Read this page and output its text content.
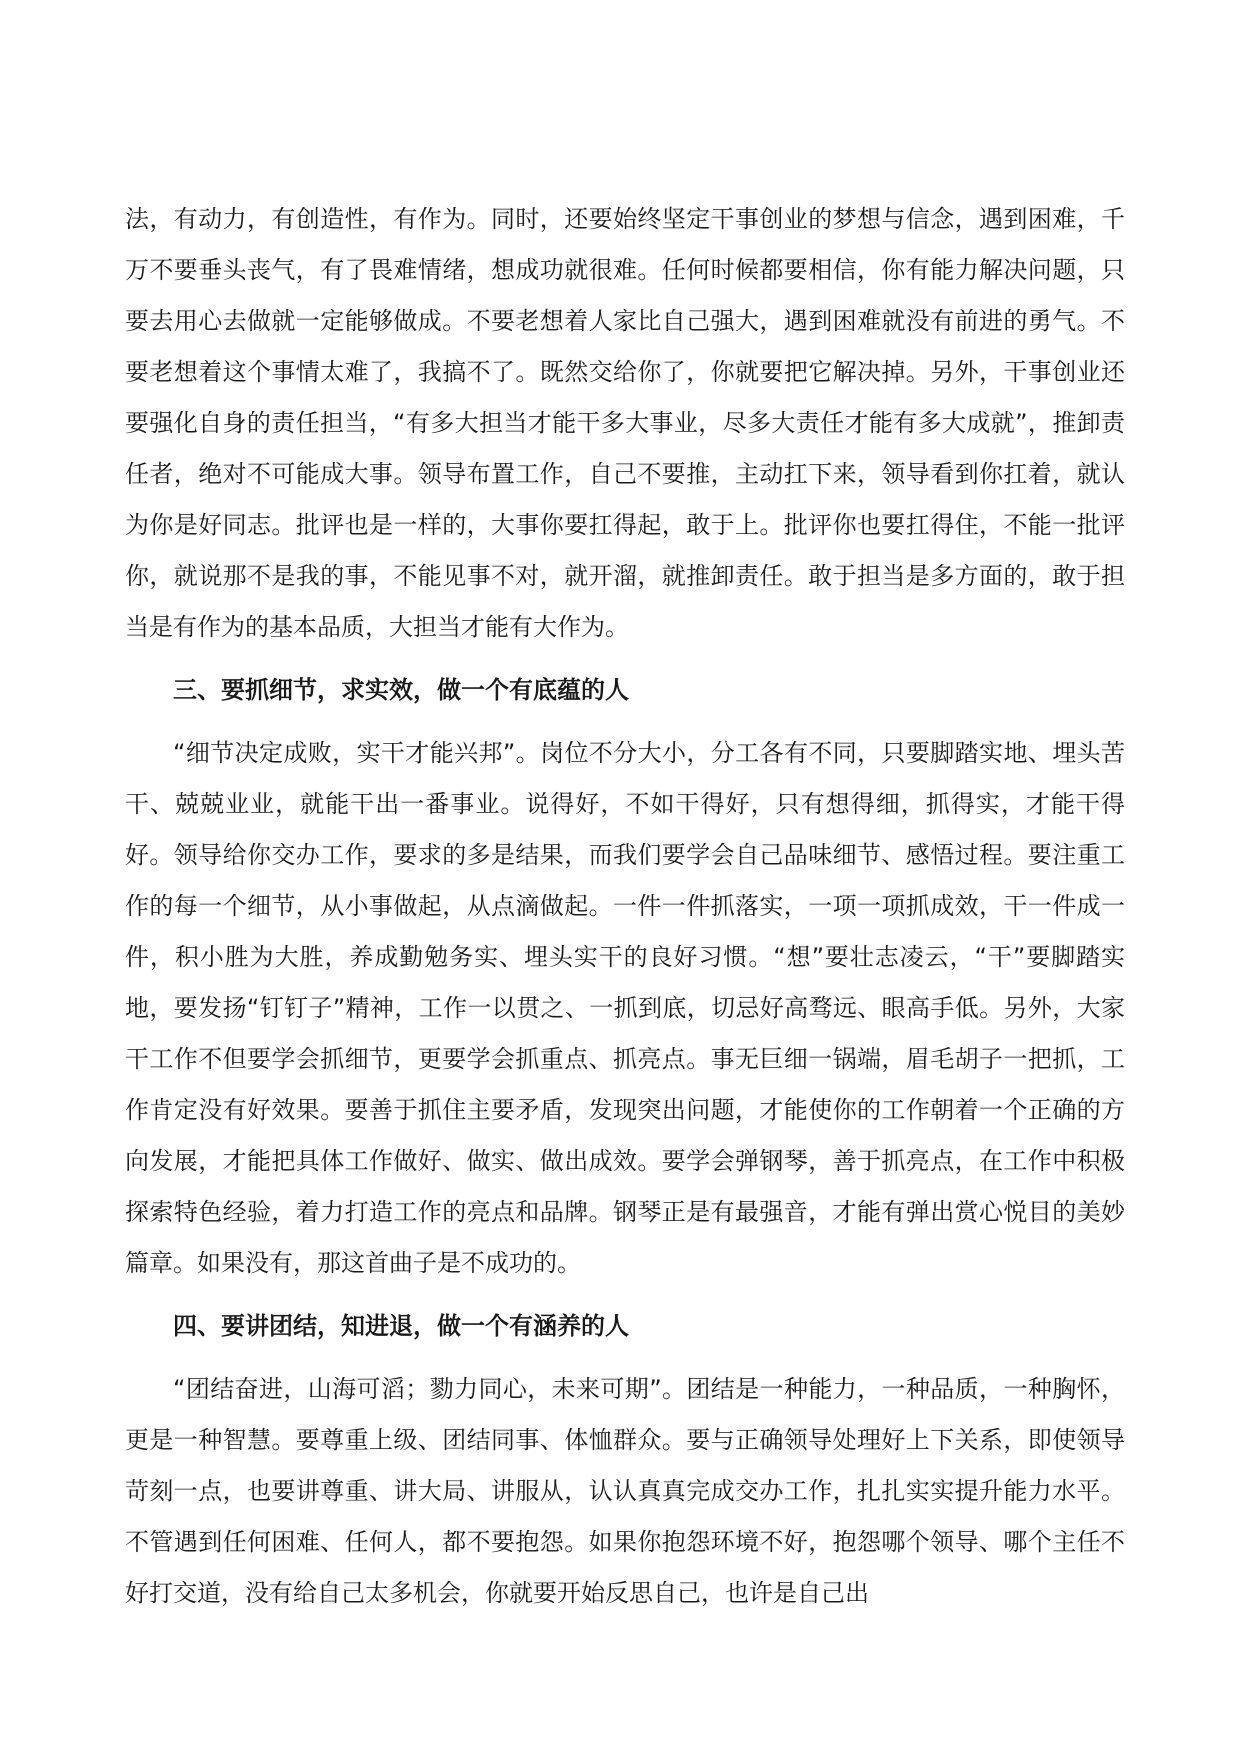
法，有动力，有创造性，有作为。同时，还要始终坚定干事创业的梦想与信念，遇到困难，千万不要垂头丧气，有了畏难情绪，想成功就很难。任何时候都要相信，你有能力解决问题，只要去用心去做就一定能够做成。不要老想着人家比自己强大，遇到困难就没有前进的勇气。不要老想着这个事情太难了，我搞不了。既然交给你了，你就要把它解决掉。另外，干事创业还要强化自身的责任担当，“有多大担当才能干多大事业，尽多大责任才能有多大成就”，推卸责任者，绝对不可能成大事。领导布置工作，自己不要推，主动扛下来，领导看到你扛着，就认为你是好同志。批评也是一样的，大事你要扛得起，敢于上。批评你也要扛得住，不能一批评你，就说那不是我的事，不能见事不对，就开溜，就推卸责任。敢于担当是多方面的，敢于担当是有作为的基本品质，大担当才能有大作为。

三、要抓细节，求实效，做一个有底蕴的人

“细节决定成败，实干才能兴邦”。岗位不分大小，分工各有不同，只要脚踏实地、埋头苦干、兢兢业业，就能干出一番事业。说得好，不如干得好，只有想得细，抓得实，才能干得好。领导给你交办工作，要求的多是结果，而我们要学会自己品味细节、感悟过程。要注重工作的每一个细节，从小事做起，从点滴做起。一件一件抓落实，一项一项抓成效，干一件成一件，积小胜为大胜，养成勤勉务实、埋头实干的良好习惯。“想”要壮志凌云，“干”要脚踏实地，要发扬“钉钉子”精神，工作一以贯之、一抓到底，切忌好高骛远、眼高手低。另外，大家干工作不但要学会抓细节，更要学会抓重点、抓亮点。事无巨细一锅端，眉毛胡子一把抓，工作肯定没有好效果。要善于抓住主要矛盾，发现突出问题，才能使你的工作朝着一个正确的方向发展，才能把具体工作做好、做实、做出成效。要学会弹钢琴，善于抓亮点，在工作中积极探索特色经验，着力打造工作的亮点和品牌。钢琴正是有最强音，才能有弹出赏心悦目的美妙篇章。如果没有，那这首曲子是不成功的。

四、要讲团结，知进退，做一个有涵养的人

“团结奋进，山海可滔；勠力同心，未来可期”。团结是一种能力，一种品质，一种胸怀，更是一种智慧。要尊重上级、团结同事、体恤群众。要与正确领导处理好上下关系，即使领导苛刻一点，也要讲尊重、讲大局、讲服从，认认真真完成交办工作，扎扎实实提升能力水平。不管遇到任何困难、任何人，都不要抱怨。如果你抱怨环境不好，抱怨哪个领导、哪个主任不好打交道，没有给自己太多机会，你就要开始反思自己，也许是自己出
